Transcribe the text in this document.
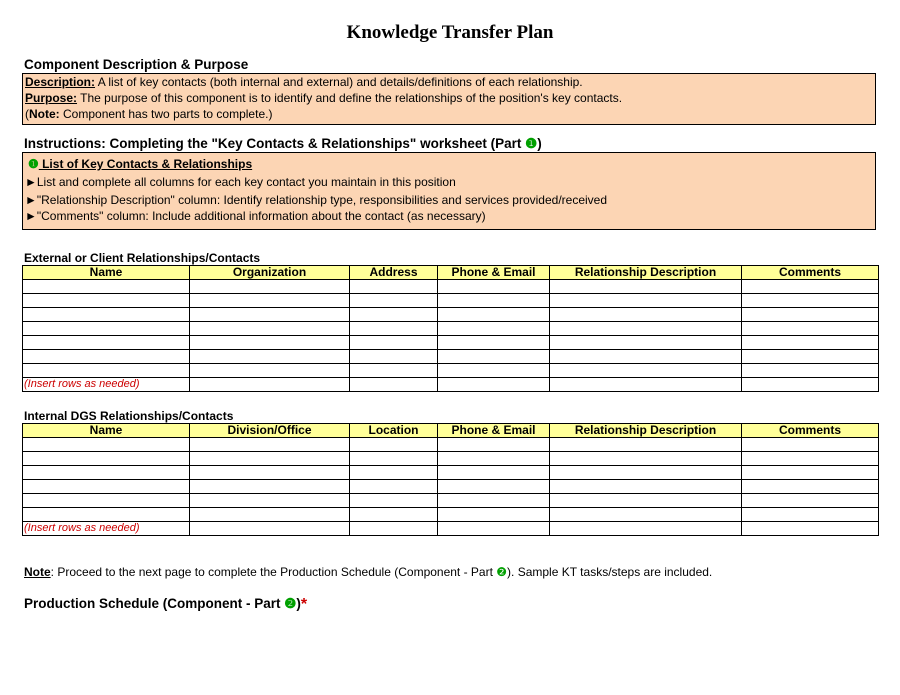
Knowledge Transfer Plan
Component Description & Purpose
Description: A list of key contacts (both internal and external) and details/definitions of each relationship.
Purpose: The purpose of this component is to identify and define the relationships of the position's key contacts.
(Note: Component has two parts to complete.)
Instructions: Completing the "Key Contacts & Relationships" worksheet (Part ❶)
❶ List of Key Contacts & Relationships
►List and complete all columns for each key contact you maintain in this position
►"Relationship Description" column: Identify relationship type, responsibilities and services provided/received
►"Comments" column: Include additional information about the contact (as necessary)
External or Client Relationships/Contacts
Name	Organization	Address	Phone & Email	Relationship Description	Comments

(Insert rows as needed)					
Internal DGS Relationships/Contacts
Name	Division/Office	Location	Phone & Email	Relationship Description	Comments

(Insert rows as needed)					
Note: Proceed to the next page to complete the Production Schedule (Component - Part ❷). Sample KT tasks/steps are included.
Production Schedule (Component - Part ❷)*
